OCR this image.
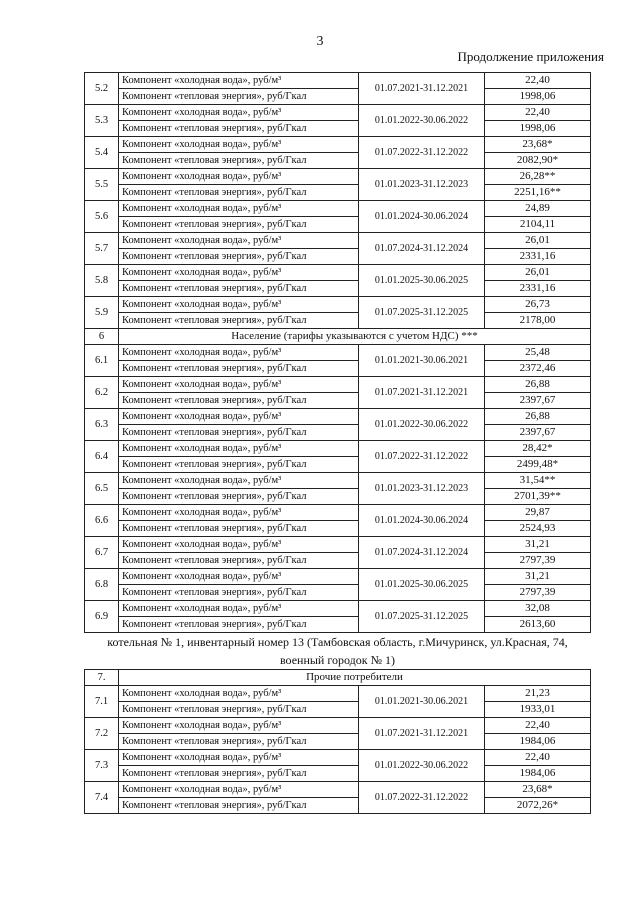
3
Продолжение приложения
5.2	Компонент «холодная вода», руб/м³	01.07.2021-31.12.2021	22,40
	Компонент «тепловая энергия», руб/Гкал		1998,06
5.3	Компонент «холодная вода», руб/м³	01.01.2022-30.06.2022	22,40
	Компонент «тепловая энергия», руб/Гкал		1998,06
5.4	Компонент «холодная вода», руб/м³	01.07.2022-31.12.2022	23,68*
	Компонент «тепловая энергия», руб/Гкал		2082,90*
5.5	Компонент «холодная вода», руб/м³	01.01.2023-31.12.2023	26,28**
	Компонент «тепловая энергия», руб/Гкал		2251,16**
5.6	Компонент «холодная вода», руб/м³	01.01.2024-30.06.2024	24,89
	Компонент «тепловая энергия», руб/Гкал		2104,11
5.7	Компонент «холодная вода», руб/м³	01.07.2024-31.12.2024	26,01
	Компонент «тепловая энергия», руб/Гкал		2331,16
5.8	Компонент «холодная вода», руб/м³	01.01.2025-30.06.2025	26,01
	Компонент «тепловая энергия», руб/Гкал		2331,16
5.9	Компонент «холодная вода», руб/м³	01.07.2025-31.12.2025	26,73
	Компонент «тепловая энергия», руб/Гкал		2178,00
6	Население (тарифы указываются с учетом НДС) ***		
6.1	Компонент «холодная вода», руб/м³	01.01.2021-30.06.2021	25,48
	Компонент «тепловая энергия», руб/Гкал		2372,46
6.2	Компонент «холодная вода», руб/м³	01.07.2021-31.12.2021	26,88
	Компонент «тепловая энергия», руб/Гкал		2397,67
6.3	Компонент «холодная вода», руб/м³	01.01.2022-30.06.2022	26,88
	Компонент «тепловая энергия», руб/Гкал		2397,67
6.4	Компонент «холодная вода», руб/м³	01.07.2022-31.12.2022	28,42*
	Компонент «тепловая энергия», руб/Гкал		2499,48*
6.5	Компонент «холодная вода», руб/м³	01.01.2023-31.12.2023	31,54**
	Компонент «тепловая энергия», руб/Гкал		2701,39**
6.6	Компонент «холодная вода», руб/м³	01.01.2024-30.06.2024	29,87
	Компонент «тепловая энергия», руб/Гкал		2524,93
6.7	Компонент «холодная вода», руб/м³	01.07.2024-31.12.2024	31,21
	Компонент «тепловая энергия», руб/Гкал		2797,39
6.8	Компонент «холодная вода», руб/м³	01.01.2025-30.06.2025	31,21
	Компонент «тепловая энергия», руб/Гкал		2797,39
6.9	Компонент «холодная вода», руб/м³	01.07.2025-31.12.2025	32,08
	Компонент «тепловая энергия», руб/Гкал		2613,60
котельная № 1, инвентарный номер 13 (Тамбовская область, г.Мичуринск, ул.Красная, 74, военный городок № 1)			
7.	Прочие потребители		
7.1	Компонент «холодная вода», руб/м³	01.01.2021-30.06.2021	21,23
	Компонент «тепловая энергия», руб/Гкал		1933,01
7.2	Компонент «холодная вода», руб/м³	01.07.2021-31.12.2021	22,40
	Компонент «тепловая энергия», руб/Гкал		1984,06
7.3	Компонент «холодная вода», руб/м³	01.01.2022-30.06.2022	22,40
	Компонент «тепловая энергия», руб/Гкал		1984,06
7.4	Компонент «холодная вода», руб/м³	01.07.2022-31.12.2022	23,68*
	Компонент «тепловая энергия», руб/Гкал		2072,26*
